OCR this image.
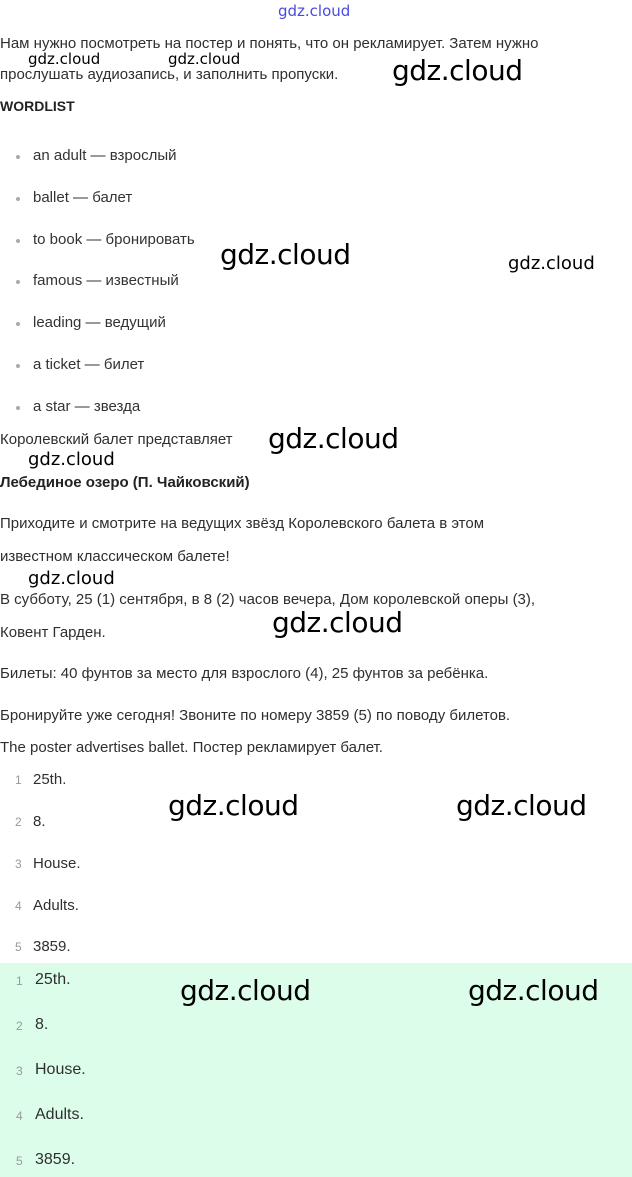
gdz.cloud
Нам нужно посмотреть на постер и понять, что он рекламирует. Затем нужно
прослушать аудиозапись, и заполнить пропуски.
gdz.cloud	gdz.cloud	gdz.cloud
WORDLIST
an adult — взрослый
ballet — балет
to book — бронировать
famous — известный
leading — ведущий
a ticket — билет
a star — звезда
gdz.cloud	gdz.cloud
Королевский балет представляет gdz.cloud
gdz.cloud
Лебединое озеро (П. Чайковский)
Приходите и смотрите на ведущих звёзд Королевского балета в этом
известном классическом балете!
gdz.cloud
В субботу, 25 (1) сентября, в 8 (2) часов вечера, Дом королевской оперы (3),
Ковент Гарден.	gdz.cloud
Билеты: 40 фунтов за место для взрослого (4), 25 фунтов за ребёнка.
Бронируйте уже сегодня! Звоните по номеру 3859 (5) по поводу билетов.
The poster advertises ballet. Постер рекламирует балет.
1 25th.
2 8.
3 House.
4 Adults.
5 3859.
gdz.cloud	gdz.cloud
1 25th.
2 8.
3 House.
4 Adults.
5 3859.
gdz.cloud	gdz.cloud
